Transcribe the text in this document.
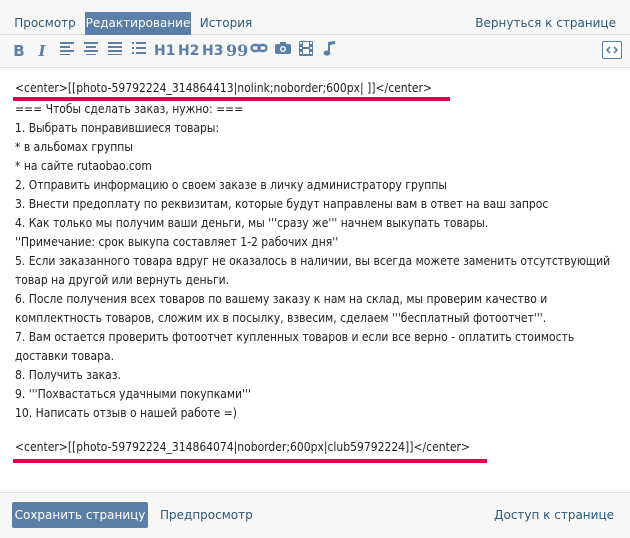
Просмотр Редактирование История	Вернуться к странице
B I	H1 H2 H3 99
<center>[[photo-59792224_314864413|nolink;noborder;600px| ]]</center>
=== Чтобы сделать заказ, нужно: ===
1. Выбрать понравившиеся товары:
* в альбомах группы
* на сайте rutaobao.com
2. Отправить информацию о своем заказе в личку администратору группы
3. Внести предоплату по реквизитам, которые будут направлены вам в ответ на ваш запрос
4. Как только мы получим ваши деньги, мы '''сразу же''' начнем выкупать товары.
''Примечание: срок выкупа составляет 1-2 рабочих дня''
5. Если заказанного товара вдруг не оказалось в наличии, вы всегда можете заменить отсутствующий
товар на другой или вернуть деньги.
6. После получения всех товаров по вашему заказу к нам на склад, мы проверим качество и
комплектность товаров, сложим их в посылку, взвесим, сделаем '''бесплатный фотоотчет'''.
7. Вам остается проверить фотоотчет купленных товаров и если все верно - оплатить стоимость
доставки товара.
8. Получить заказ.
9. '''Похвастаться удачными покупками'''
10. Написать отзыв о нашей работе =)
<center>[[photo-59792224_314864074|noborder;600px|club59792224]]</center>
Сохранить страницу Предпросмотр	Доступ к странице
